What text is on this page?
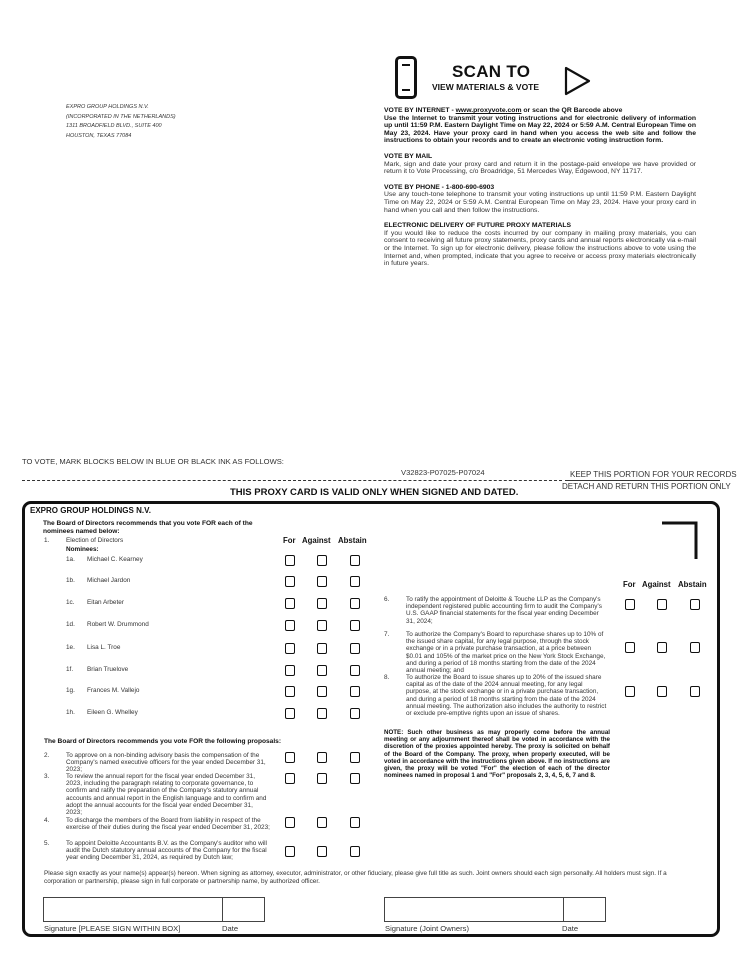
EXPRO GROUP HOLDINGS N.V.
(INCORPORATED IN THE NETHERLANDS)
1311 BROADFIELD BLVD., SUITE 400
HOUSTON, TEXAS 77084
SCAN TO
VIEW MATERIALS & VOTE

VOTE BY INTERNET - www.proxyvote.com or scan the QR Barcode above
Use the Internet to transmit your voting instructions and for electronic delivery of information up until 11:59 P.M. Eastern Daylight Time on May 22, 2024 or 5:59 A.M. Central European Time on May 23, 2024. Have your proxy card in hand when you access the web site and follow the instructions to obtain your records and to create an electronic voting instruction form.

VOTE BY MAIL
Mark, sign and date your proxy card and return it in the postage-paid envelope we have provided or return it to Vote Processing, c/o Broadridge, 51 Mercedes Way, Edgewood, NY 11717.

VOTE BY PHONE - 1-800-690-6903
Use any touch-tone telephone to transmit your voting instructions up until 11:59 P.M. Eastern Daylight Time on May 22, 2024 or 5:59 A.M. Central European Time on May 23, 2024. Have your proxy card in hand when you call and then follow the instructions.

ELECTRONIC DELIVERY OF FUTURE PROXY MATERIALS
If you would like to reduce the costs incurred by our company in mailing proxy materials, you can consent to receiving all future proxy statements, proxy cards and annual reports electronically via e-mail or the Internet. To sign up for electronic delivery, please follow the instructions above to vote using the Internet and, when prompted, indicate that you agree to receive or access proxy materials electronically in future years.

TO VOTE, MARK BLOCKS BELOW IN BLUE OR BLACK INK AS FOLLOWS:
V32823-P07025-P07024	KEEP THIS PORTION FOR YOUR RECORDS
DETACH AND RETURN THIS PORTION ONLY
THIS PROXY CARD IS VALID ONLY WHEN SIGNED AND DATED.
EXPRO GROUP HOLDINGS N.V.
The Board of Directors recommends that you vote FOR each of the nominees named below:
For Against Abstain
For Against Abstain
1.	Election of Directors
Nominees:
1a. Michael C. Kearney
1b. Michael Jardon
1c. Eitan Arbeter
1d. Robert W. Drummond
1e. Lisa L. Troe
1f. Brian Truelove
1g. Frances M. Vallejo
1h. Eileen G. Whelley
The Board of Directors recommends you vote FOR the following proposals:
2.	To approve on a non-binding advisory basis the compensation of the Company's named executive officers for the year ended December 31, 2023;
3.	To review the annual report for the fiscal year ended December 31, 2023, including the paragraph relating to corporate governance, to confirm and ratify the preparation of the Company's statutory annual accounts and annual report in the English language and to confirm and adopt the annual accounts for the fiscal year ended December 31, 2023;
4.	To discharge the members of the Board from liability in respect of the exercise of their duties during the fiscal year ended December 31, 2023;
5.	To appoint Deloitte Accountants B.V. as the Company's auditor who will audit the Dutch statutory annual accounts of the Company for the fiscal year ending December 31, 2024, as required by Dutch law;
6.	To ratify the appointment of Deloitte & Touche LLP as the Company's independent registered public accounting firm to audit the Company's U.S. GAAP financial statements for the fiscal year ending December 31, 2024;
7.	To authorize the Company's Board to repurchase shares up to 10% of the issued share capital, for any legal purpose, through the stock exchange or in a private purchase transaction, at a price between $0.01 and 105% of the market price on the New York Stock Exchange, and during a period of 18 months starting from the date of the 2024 annual meeting; and
8.	To authorize the Board to issue shares up to 20% of the issued share capital as of the date of the 2024 annual meeting, for any legal purpose, at the stock exchange or in a private purchase transaction, and during a period of 18 months starting from the date of the 2024 annual meeting. The authorization also includes the authority to restrict or exclude pre-emptive rights upon an issue of shares.
NOTE: Such other business as may properly come before the annual meeting or any adjournment thereof shall be voted in accordance with the discretion of the proxies appointed hereby. The proxy is solicited on behalf of the Board of the Company. The proxy, when properly executed, will be voted in accordance with the instructions given above. If no instructions are given, the proxy will be voted "For" the election of each of the director nominees named in proposal 1 and "For" proposals 2, 3, 4, 5, 6, 7 and 8.
Please sign exactly as your name(s) appear(s) hereon. When signing as attorney, executor, administrator, or other fiduciary, please give full title as such. Joint owners should each sign personally. All holders must sign. If a corporation or partnership, please sign in full corporate or partnership name, by authorized officer.
Signature [PLEASE SIGN WITHIN BOX]	Date	Signature (Joint Owners)	Date
